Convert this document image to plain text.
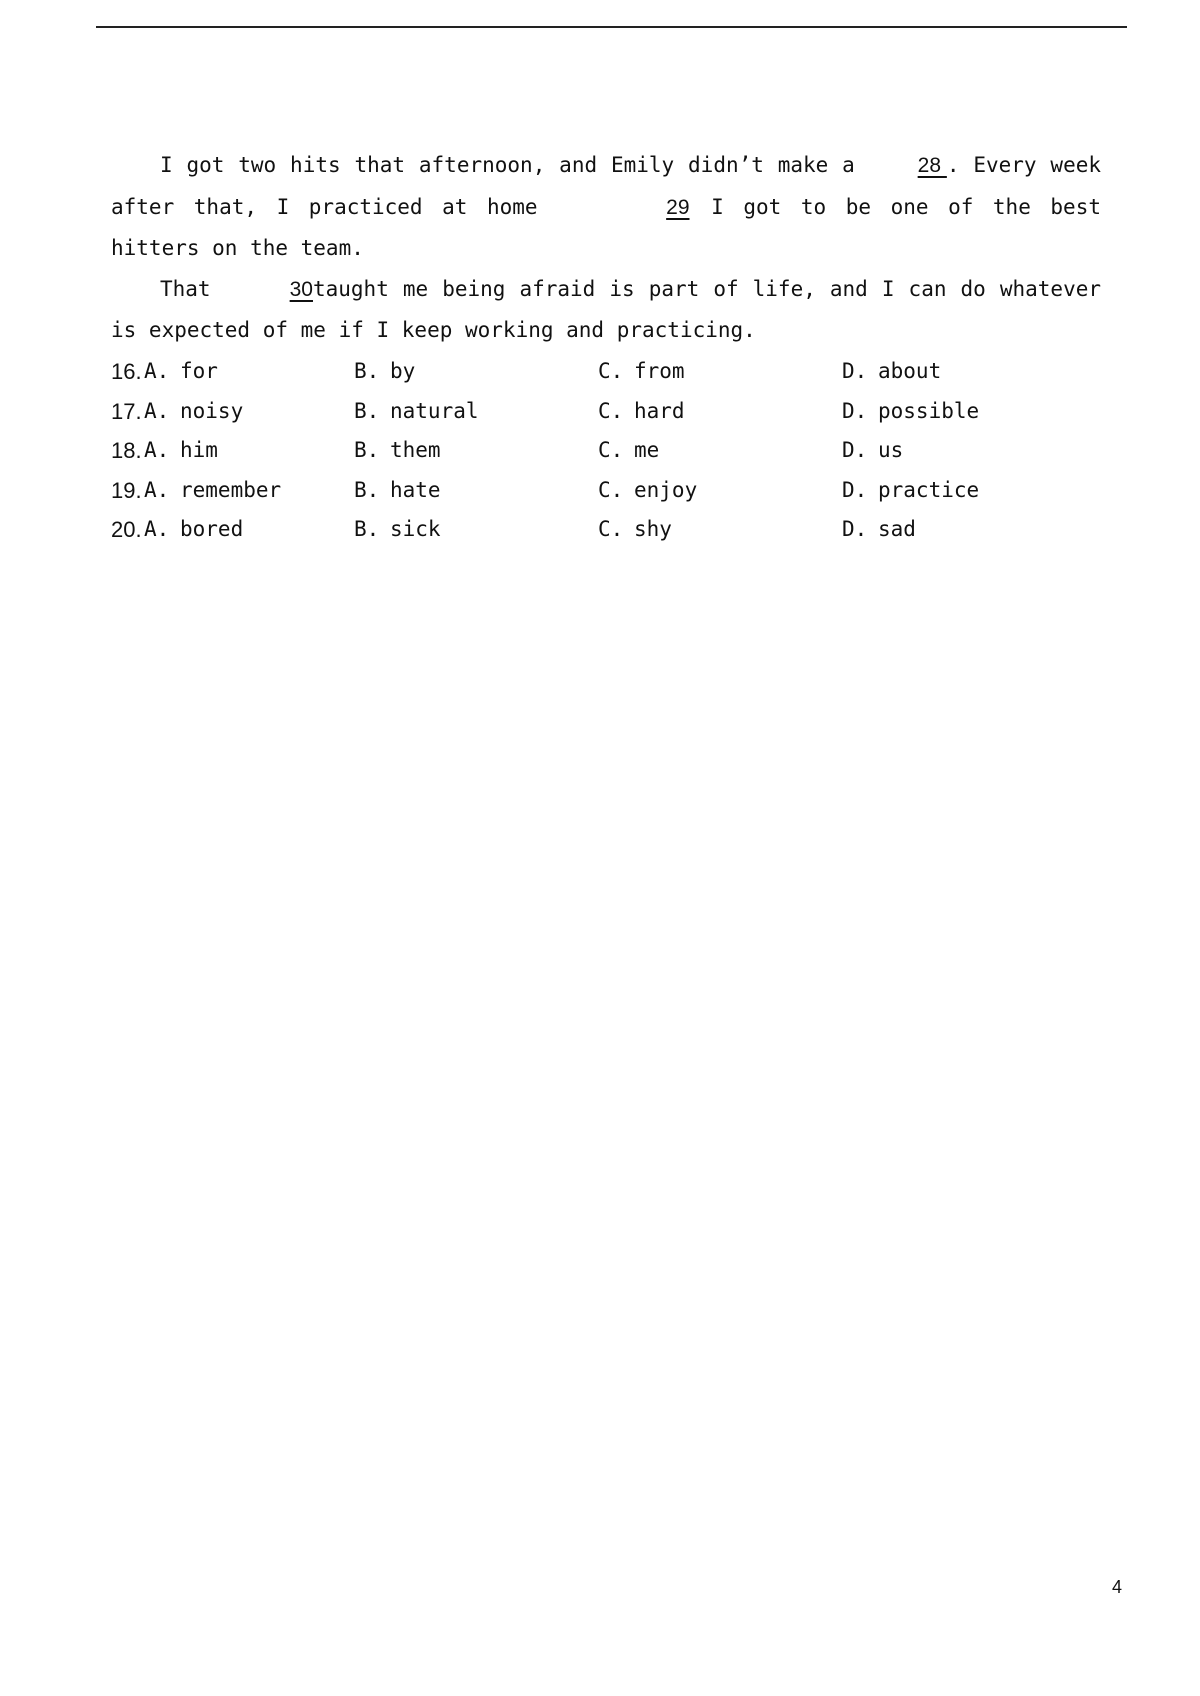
I got two hits that afternoon, and Emily didn’t make a 28 . Every week after that, I practiced at home	29 I got to be one of the best hitters on the team.

That	30taught me being afraid is part of life, and I can do whatever is expected of me if I keep working and practicing.

16. A. for	B. by	C. from	D. about
17. A. noisy	B. natural	C. hard	D. possible
18. A. him	B. them	C. me	D. us
19. A. remember	B. hate	C. enjoy	D. practice
20. A. bored	B. sick	C. shy	D. sad
4
